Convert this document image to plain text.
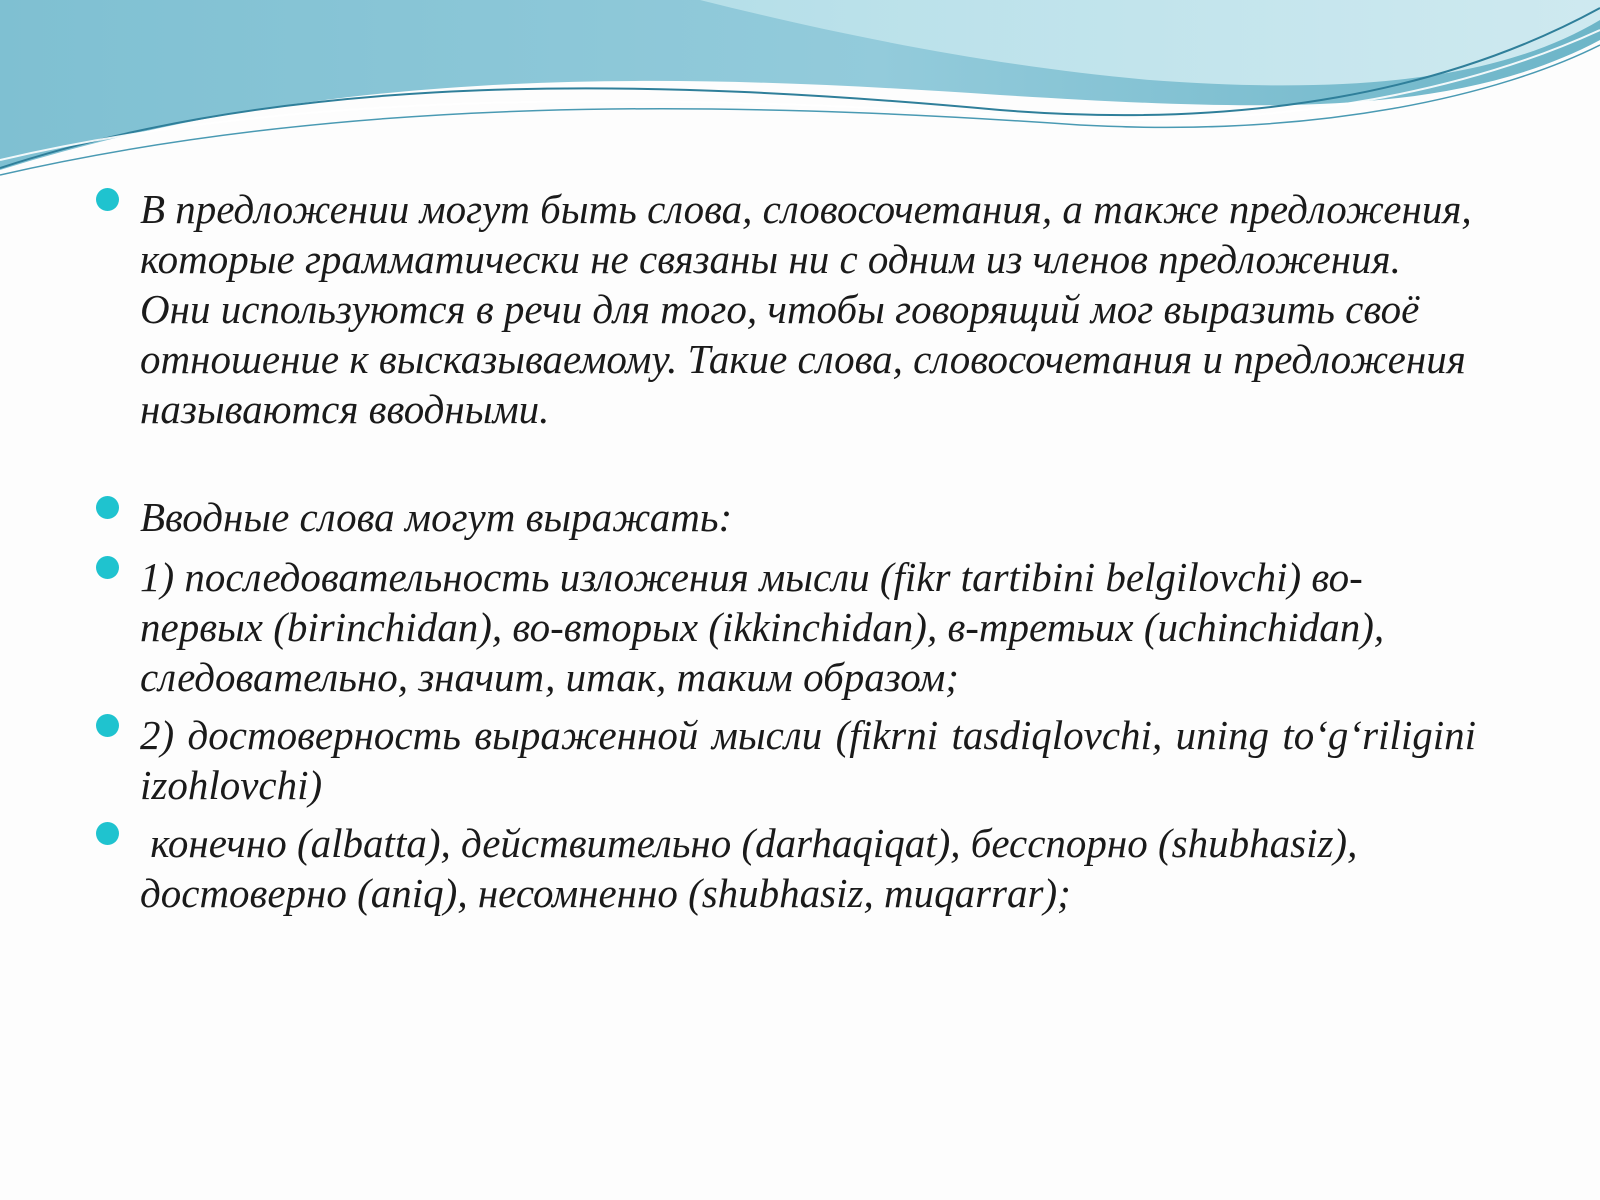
В предложении могут быть слова, словосочетания, а также предложения, которые грамматически не связаны ни с одним из членов предложения. Они используются в речи для того, чтобы говорящий мог выразить своё отношение к высказываемому. Такие слова, словосочетания и предложения называются вводными.
Вводные слова могут выражать:
1) последовательность изложения мысли (fikr tartibini belgilovchi) во-первых (birinchidan), во-вторых (ikkinchidan), в-третьих (uchinchidan), следовательно, значит, итак, таким образом;
2) достоверность выраженной мысли (fikrni tasdiqlovchi, uning to‘g‘riligini izohlovchi)
конечно (albatta), действительно (darhaqiqat), бесспорно (shubhasiz), достоверно (aniq), несомненно (shubhasiz, muqarrar);
